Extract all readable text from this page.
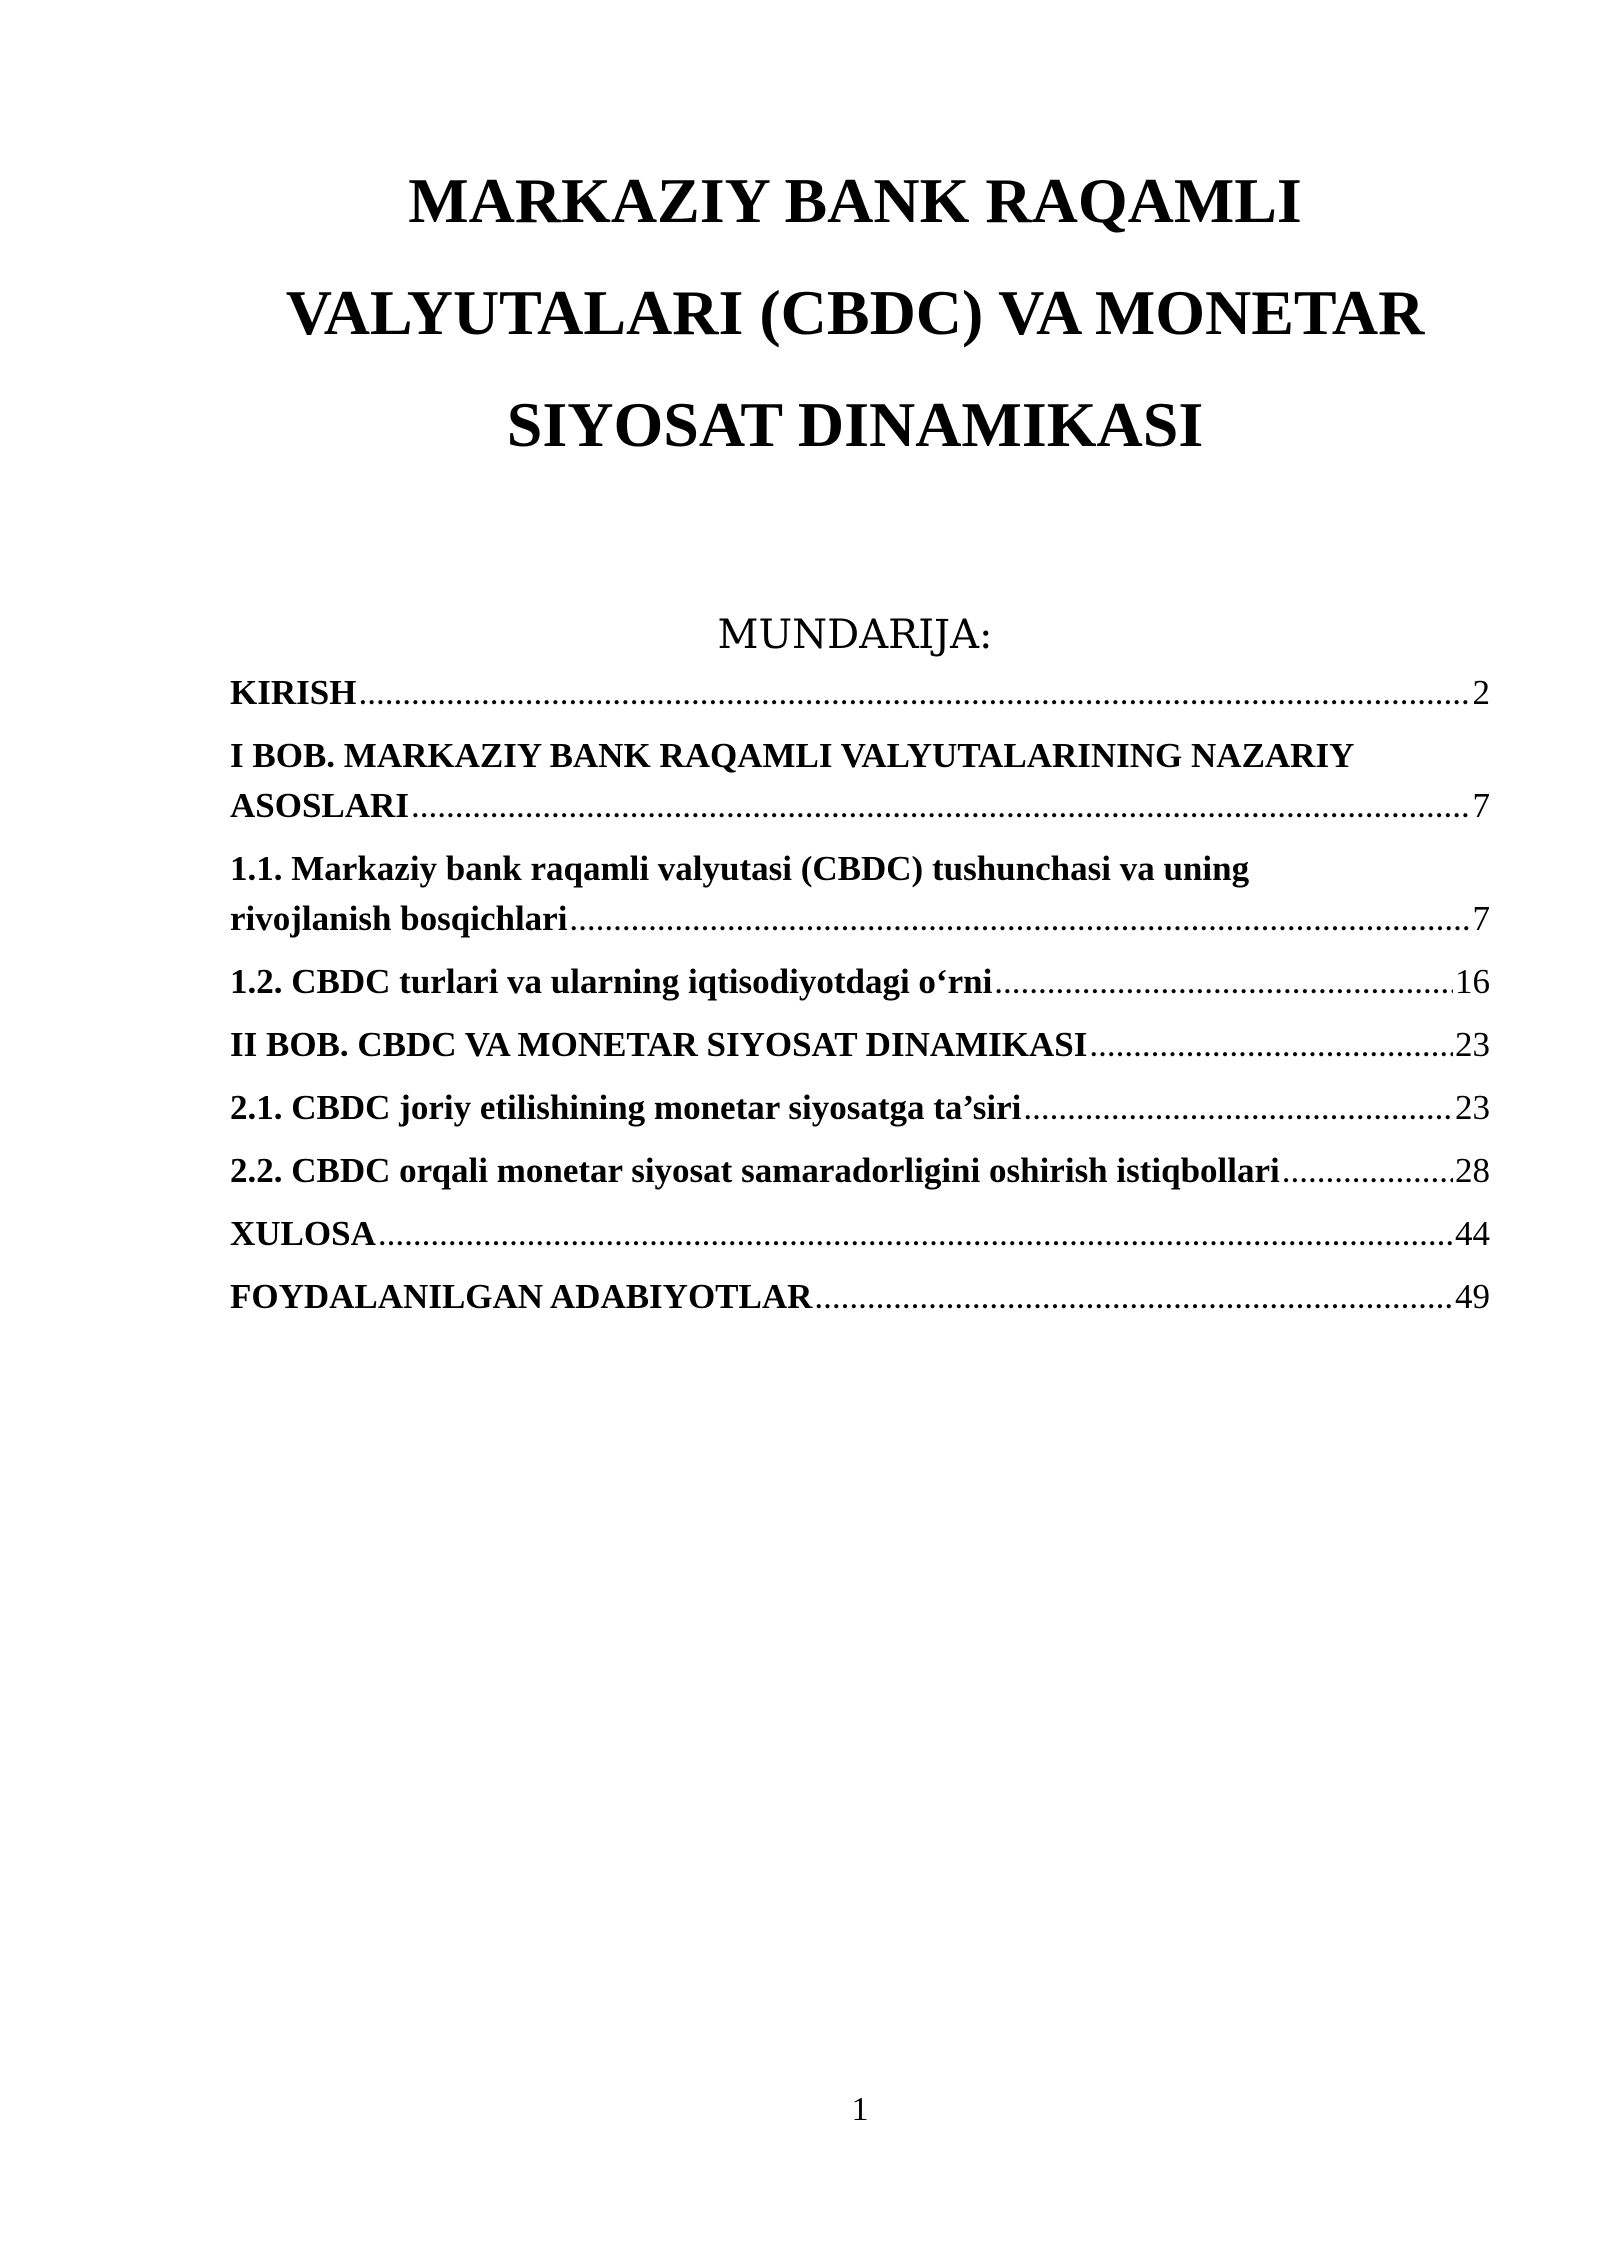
MARKAZIY BANK RAQAMLI
VALYUTALARI (CBDC) VA MONETAR
SIYOSAT DINAMIKASI
MUNDARIJA:
KIRISH .....	2
I BOB. MARKAZIY BANK RAQAMLI VALYUTALARINING NAZARIY
ASOSLARI .....	7
1.1. Markaziy bank raqamli valyutasi (CBDC) tushunchasi va uning
rivojlanish bosqichlari .....	7
1.2. CBDC turlari va ularning iqtisodiyotdagi o‘rni .....	16
II BOB. CBDC VA MONETAR SIYOSAT DINAMIKASI .....	23
2.1. CBDC joriy etilishining monetar siyosatga ta’siri .....	23
2.2. CBDC orqali monetar siyosat samaradorligini oshirish istiqbollari .....	28
XULOSA .....	44
FOYDALANILGAN ADABIYOTLAR .....	49
1
